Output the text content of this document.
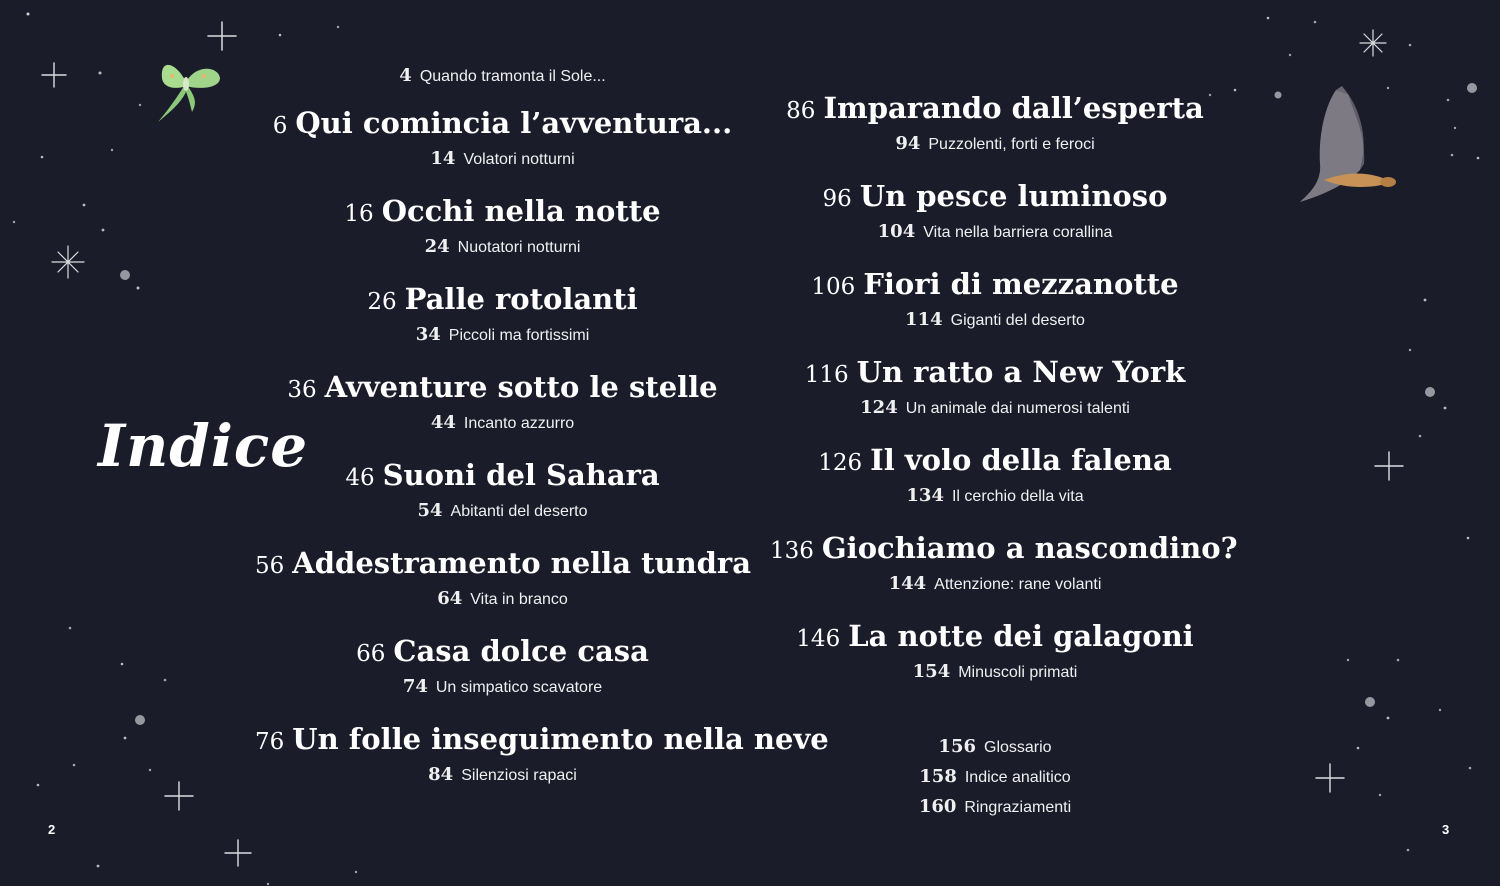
Indice
4 Quando tramonta il Sole...
6 Qui comincia l’avventura...
14 Volatori notturni
16 Occhi nella notte
24 Nuotatori notturni
26 Palle rotolanti
34 Piccoli ma fortissimi
36 Avventure sotto le stelle
44 Incanto azzurro
46 Suoni del Sahara
54 Abitanti del deserto
56 Addestramento nella tundra
64 Vita in branco
66 Casa dolce casa
74 Un simpatico scavatore
76 Un folle inseguimento nella neve
84 Silenziosi rapaci
86 Imparando dall’esperta
94 Puzzolenti, forti e feroci
96 Un pesce luminoso
104 Vita nella barriera corallina
106 Fiori di mezzanotte
114 Giganti del deserto
116 Un ratto a New York
124 Un animale dai numerosi talenti
126 Il volo della falena
134 Il cerchio della vita
136 Giochiamo a nascondino?
144 Attenzione: rane volanti
146 La notte dei galagoni
154 Minuscoli primati
156 Glossario
158 Indice analitico
160 Ringraziamenti
2	3
